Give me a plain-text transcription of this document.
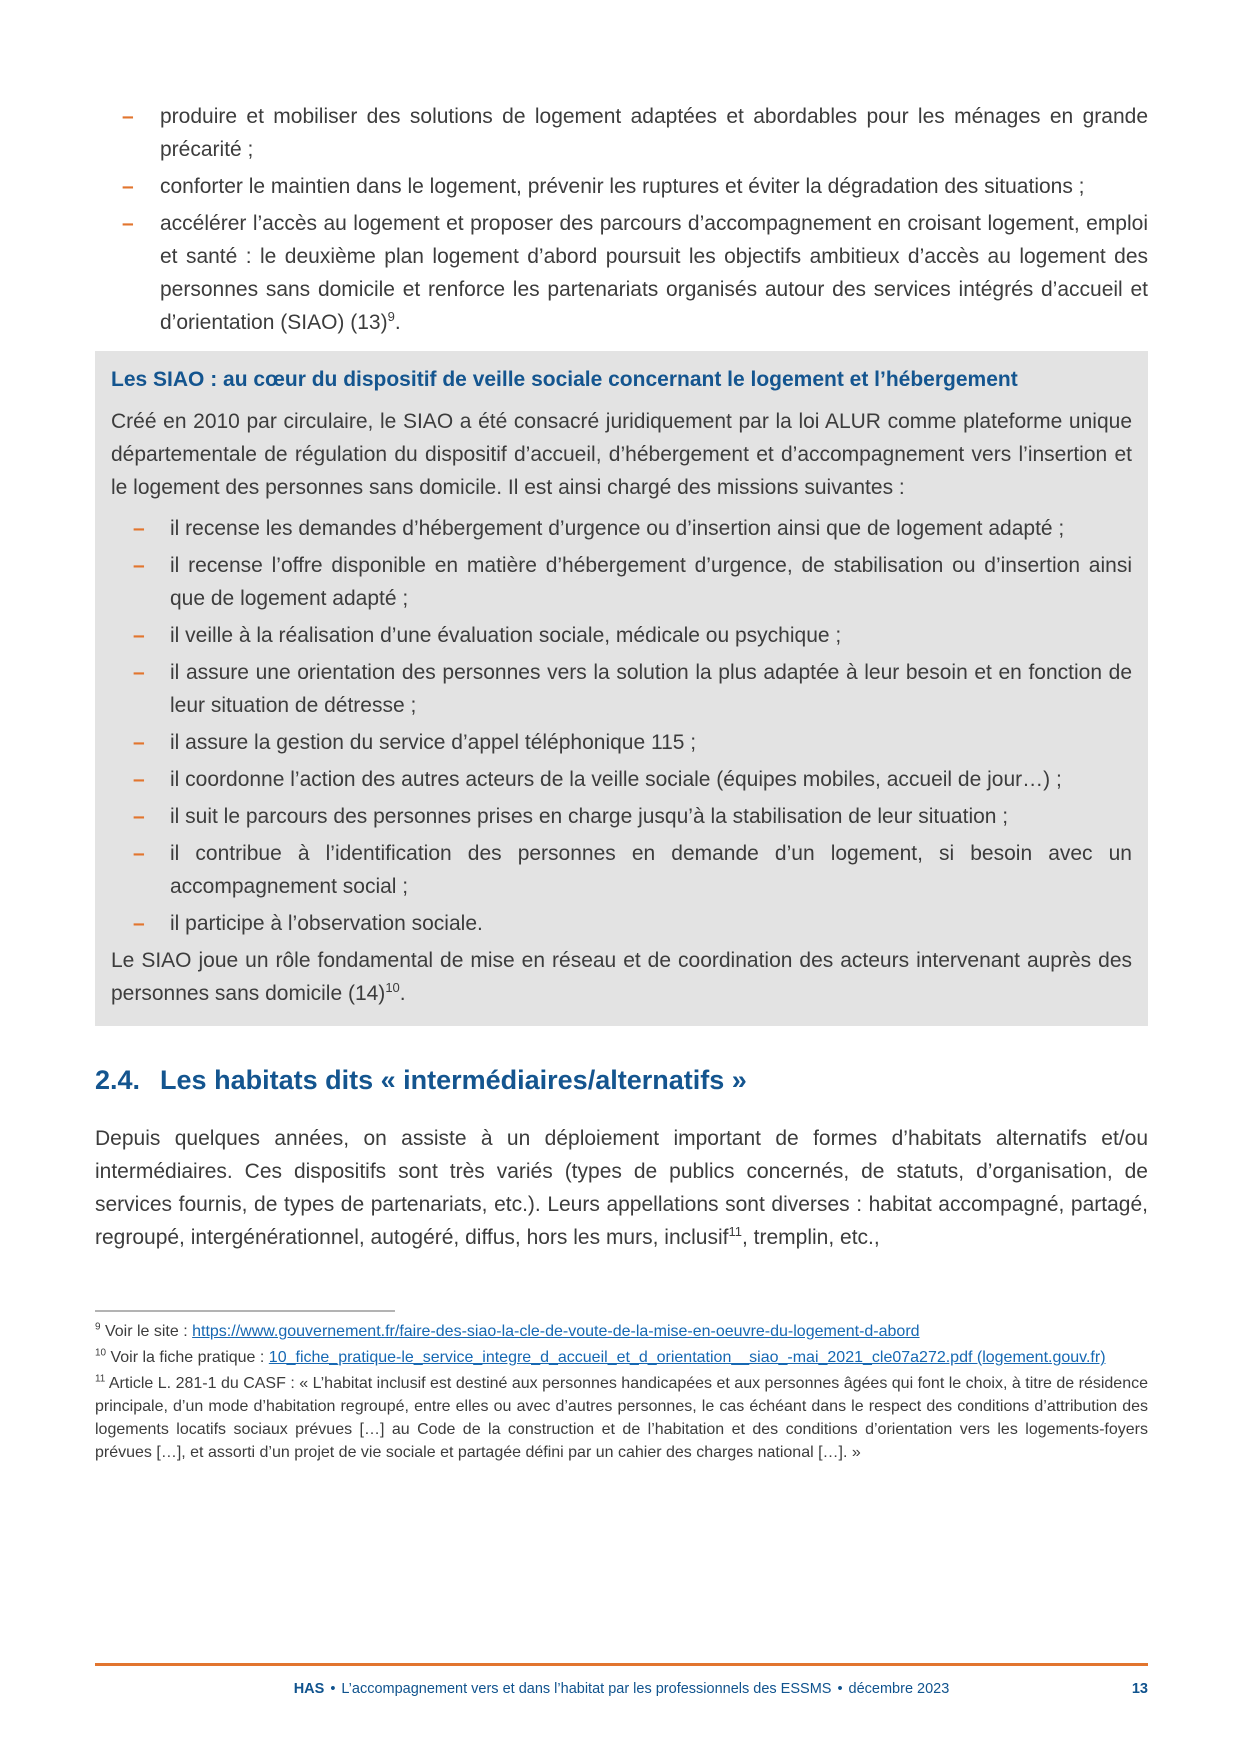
–	produire et mobiliser des solutions de logement adaptées et abordables pour les ménages en grande précarité ;
–	conforter le maintien dans le logement, prévenir les ruptures et éviter la dégradation des situations ;
–	accélérer l’accès au logement et proposer des parcours d’accompagnement en croisant logement, emploi et santé : le deuxième plan logement d’abord poursuit les objectifs ambitieux d’accès au logement des personnes sans domicile et renforce les partenariats organisés autour des services intégrés d’accueil et d’orientation (SIAO) $(13)^9$.
Les SIAO : au cœur du dispositif de veille sociale concernant le logement et l’hébergement

Créé en 2010 par circulaire, le SIAO a été consacré juridiquement par la loi ALUR comme plateforme unique départementale de régulation du dispositif d’accueil, d’hébergement et d’accompagnement vers l’insertion et le logement des personnes sans domicile. Il est ainsi chargé des missions suivantes :

–	il recense les demandes d’hébergement d’urgence ou d’insertion ainsi que de logement adapté ;
–	il recense l’offre disponible en matière d’hébergement d’urgence, de stabilisation ou d’insertion ainsi que de logement adapté ;
–	il veille à la réalisation d’une évaluation sociale, médicale ou psychique ;
–	il assure une orientation des personnes vers la solution la plus adaptée à leur besoin et en fonction de leur situation de détresse ;
–	il assure la gestion du service d’appel téléphonique 115 ;
–	il coordonne l’action des autres acteurs de la veille sociale (équipes mobiles, accueil de jour…) ;
–	il suit le parcours des personnes prises en charge jusqu’à la stabilisation de leur situation ;
–	il contribue à l’identification des personnes en demande d’un logement, si besoin avec un accompagnement social ;
–	il participe à l’observation sociale.

Le SIAO joue un rôle fondamental de mise en réseau et de coordination des acteurs intervenant auprès des personnes sans domicile $(14)^{10}$.

2.4. Les habitats dits « intermédiaires/alternatifs »

Depuis quelques années, on assiste à un déploiement important de formes d’habitats alternatifs et/ou intermédiaires. Ces dispositifs sont très variés (types de publics concernés, de statuts, d’organisation, de services fournis, de types de partenariats, etc.). Leurs appellations sont diverses : habitat accompagné, partagé, regroupé, intergénérationnel, autogéré, diffus, hors les murs, inclusif$^{11}$, tremplin, etc.,

$^9$ Voir le site : https://www.gouvernement.fr/faire-des-siao-la-cle-de-voute-de-la-mise-en-oeuvre-du-logement-d-abord

$^{10}$ Voir la fiche pratique : 10_fiche_pratique-le_service_integre_d_accueil_et_d_orientation__siao_-mai_2021_cle07a272.pdf (logement.gouv.fr)

$^{11}$ Article L. 281-1 du CASF : « L’habitat inclusif est destiné aux personnes handicapées et aux personnes âgées qui font le choix, à titre de résidence principale, d’un mode d’habitation regroupé, entre elles ou avec d’autres personnes, le cas échéant dans le respect des conditions d’attribution des logements locatifs sociaux prévues […] au Code de la construction et de l’habitation et des conditions d’orientation vers les logements-foyers prévues […], et assorti d’un projet de vie sociale et partagée défini par un cahier des charges national […]. »

HAS • L’accompagnement vers et dans l’habitat par les professionnels des ESSMS • décembre 2023	13
